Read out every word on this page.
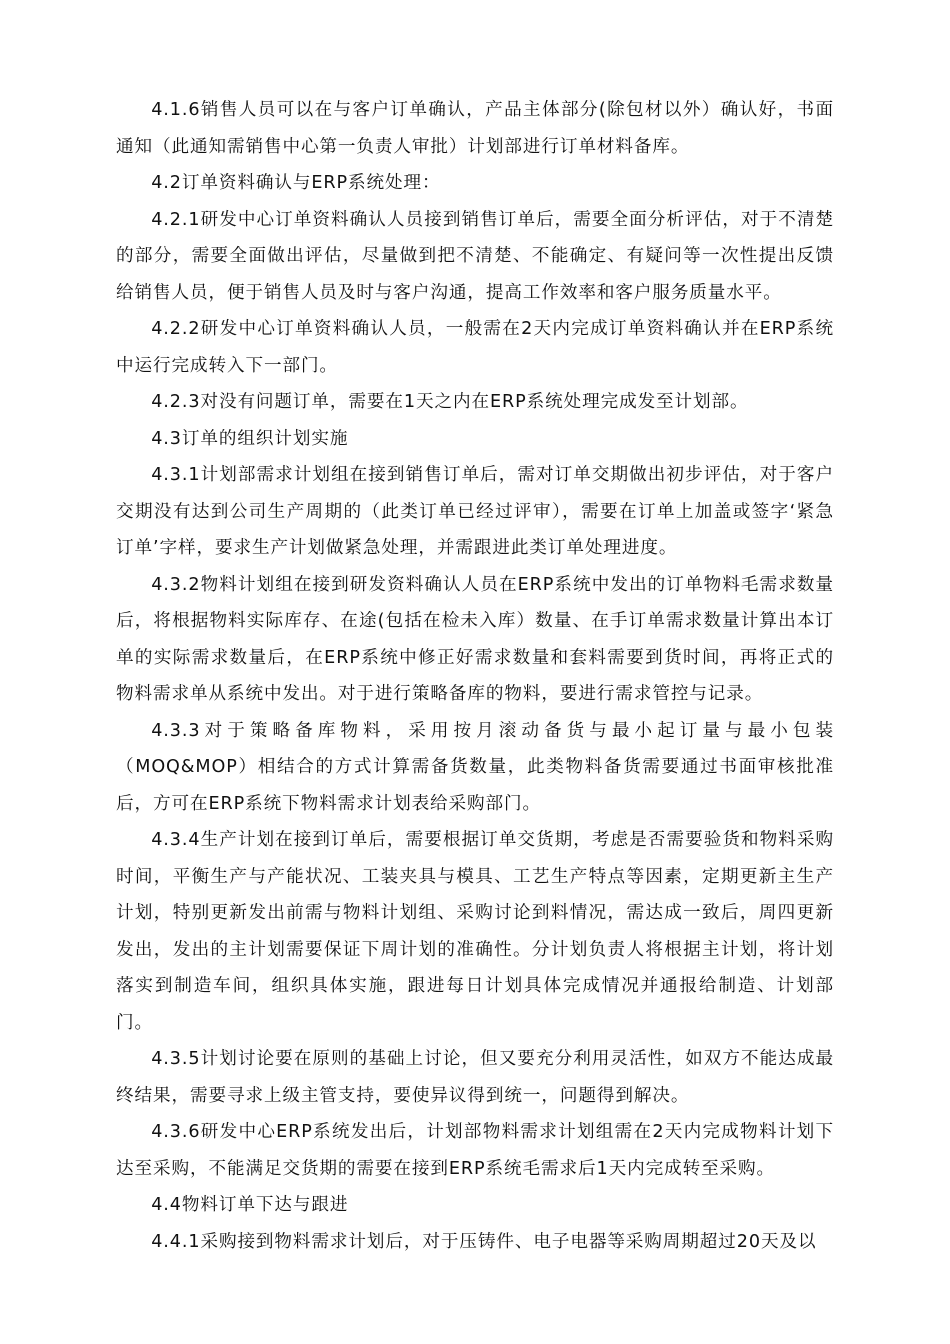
4.1.6销售人员可以在与客户订单确认，产品主体部分(除包材以外）确认好，书面通知（此通知需销售中心第一负责人审批）计划部进行订单材料备库。

4.2订单资料确认与ERP系统处理：

4.2.1研发中心订单资料确认人员接到销售订单后，需要全面分析评估，对于不清楚的部分，需要全面做出评估，尽量做到把不清楚、不能确定、有疑问等一次性提出反馈给销售人员，便于销售人员及时与客户沟通，提高工作效率和客户服务质量水平。

4.2.2研发中心订单资料确认人员，一般需在2天内完成订单资料确认并在ERP系统中运行完成转入下一部门。

4.2.3对没有问题订单，需要在1天之内在ERP系统处理完成发至计划部。

4.3订单的组织计划实施

4.3.1计划部需求计划组在接到销售订单后，需对订单交期做出初步评估，对于客户交期没有达到公司生产周期的（此类订单已经过评审），需要在订单上加盖或签字‘紧急订单’字样，要求生产计划做紧急处理，并需跟进此类订单处理进度。

4.3.2物料计划组在接到研发资料确认人员在ERP系统中发出的订单物料毛需求数量后，将根据物料实际库存、在途(包括在检未入库）数量、在手订单需求数量计算出本订单的实际需求数量后，在ERP系统中修正好需求数量和套料需要到货时间，再将正式的物料需求单从系统中发出。对于进行策略备库的物料，要进行需求管控与记录。

4.3.3对于策略备库物料，采用按月滚动备货与最小起订量与最小包装（MOQ&MOP）相结合的方式计算需备货数量，此类物料备货需要通过书面审核批准后，方可在ERP系统下物料需求计划表给采购部门。

4.3.4生产计划在接到订单后，需要根据订单交货期，考虑是否需要验货和物料采购时间，平衡生产与产能状况、工装夹具与模具、工艺生产特点等因素，定期更新主生产计划，特别更新发出前需与物料计划组、采购讨论到料情况，需达成一致后，周四更新发出，发出的主计划需要保证下周计划的准确性。分计划负责人将根据主计划，将计划落实到制造车间，组织具体实施，跟进每日计划具体完成情况并通报给制造、计划部门。

4.3.5计划讨论要在原则的基础上讨论，但又要充分利用灵活性，如双方不能达成最终结果，需要寻求上级主管支持，要使异议得到统一，问题得到解决。

4.3.6研发中心ERP系统发出后，计划部物料需求计划组需在2天内完成物料计划下达至采购，不能满足交货期的需要在接到ERP系统毛需求后1天内完成转至采购。

4.4物料订单下达与跟进

4.4.1采购接到物料需求计划后，对于压铸件、电子电器等采购周期超过20天及以
